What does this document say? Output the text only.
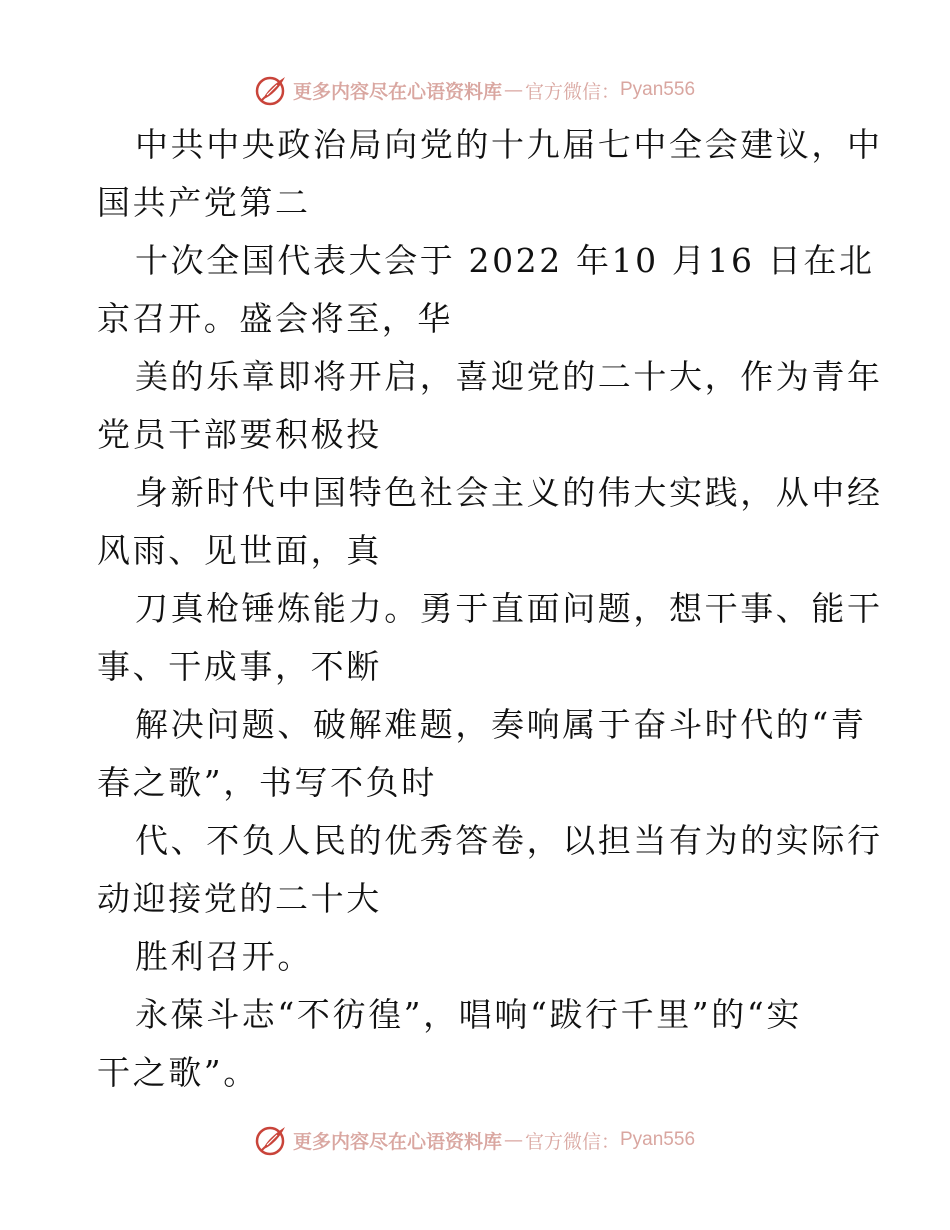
更多内容尽在心语资料库 — 官方微信： Pyan556
中共中央政治局向党的十九届七中全会建议，中
国共产党第二
十次全国代表大会于 2022 年10 月16 日在北
京召开。盛会将至，华
美的乐章即将开启，喜迎党的二十大，作为青年
党员干部要积极投
身新时代中国特色社会主义的伟大实践，从中经
风雨、见世面，真
刀真枪锤炼能力。勇于直面问题，想干事、能干
事、干成事，不断
解决问题、破解难题，奏响属于奋斗时代的“青
春之歌”，书写不负时
代、不负人民的优秀答卷，以担当有为的实际行
动迎接党的二十大
胜利召开。
永葆斗志“不彷徨”，唱响“跋行千里”的“实
干之歌”。
更多内容尽在心语资料库 — 官方微信： Pyan556
